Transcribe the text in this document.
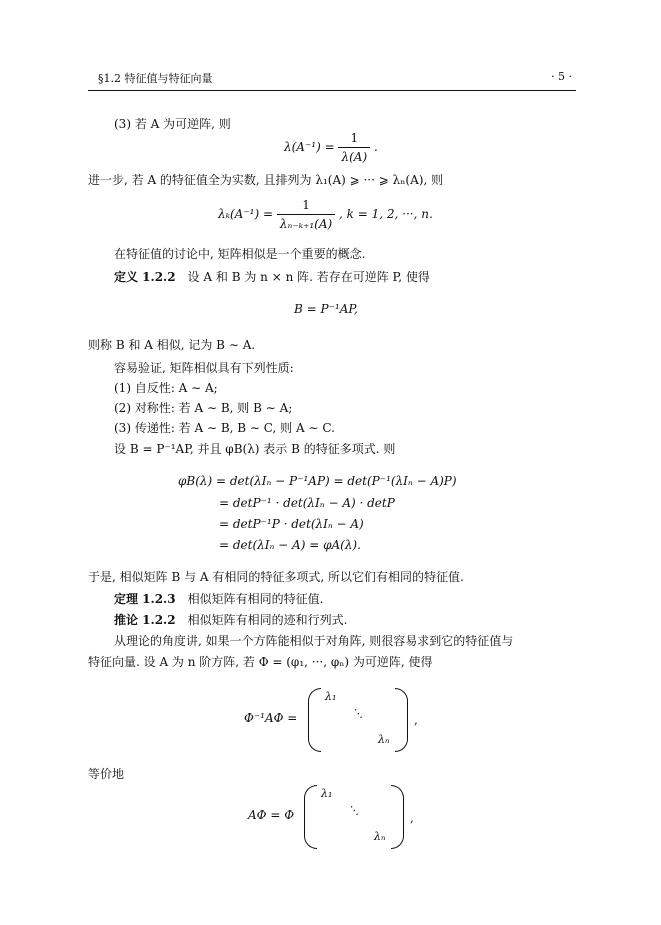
§1.2 特征值与特征向量	· 5 ·
(3) 若 A 为可逆阵, 则
$\lambda(A^{-1}) = \frac{1}{\lambda(A)}$ .
进一步, 若 A 的特征值全为实数, 且排列为 λ₁(A) ⩾ ··· ⩾ λₙ(A), 则
$\lambda_k(A^{-1}) = \frac{1}{\text{λₙ₋ₖ₊₁(A)}}$ , k = 1, 2, ···, n.
在特征值的讨论中, 矩阵相似是一个重要的概念.
定义 1.2.2 设 A 和 B 为 n × n 阵. 若存在可逆阵 P, 使得
B = P⁻¹AP,
则称 B 和 A 相似, 记为 B ∼ A.
容易验证, 矩阵相似具有下列性质:
(1) 自反性: A ∼ A;
(2) 对称性: 若 A ∼ B, 则 B ∼ A;
(3) 传递性: 若 A ∼ B, B ∼ C, 则 A ∼ C.
设 B = P⁻¹AP, 并且 φB(λ) 表示 B 的特征多项式. 则
φB(λ) = det(λIₙ − P⁻¹AP) = det(P⁻¹(λIₙ − A)P)
= detP⁻¹ · det(λIₙ − A) · detP
= detP⁻¹P · det(λIₙ − A)
= det(λIₙ − A) = φA(λ).
于是, 相似矩阵 B 与 A 有相同的特征多项式, 所以它们有相同的特征值.
定理 1.2.3 相似矩阵有相同的特征值.
推论 1.2.2 相似矩阵有相同的迹和行列式.
从理论的角度讲, 如果一个方阵能相似于对角阵, 则很容易求到它的特征值与
特征向量. 设 A 为 n 阶方阵, 若 Φ = (φ₁, ···, φₙ) 为可逆阵, 使得
Φ⁻¹AΦ =
λ₁
⋱
λₙ
,
等价地
AΦ = Φ
λ₁
⋱
λₙ
,
